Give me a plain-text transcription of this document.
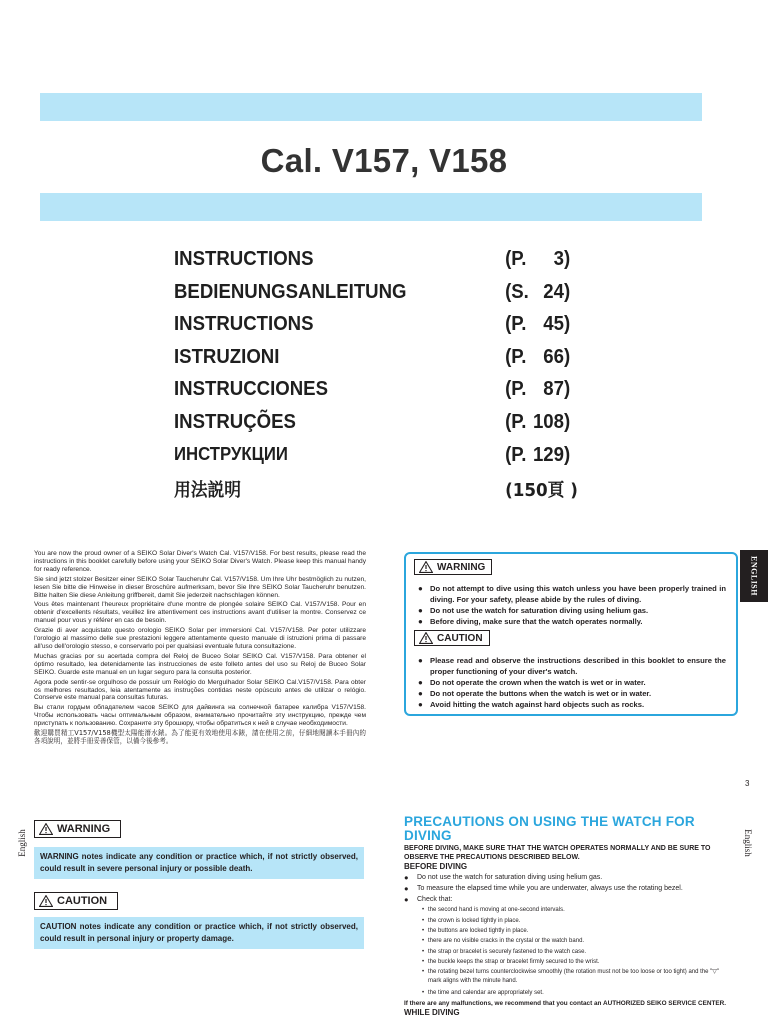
Cal. V157, V158
INSTRUCTIONS	(P. 3)
BEDIENUNGSANLEITUNG	(S. 24)
INSTRUCTIONS	(P. 45)
ISTRUZIONI	(P. 66)
INSTRUCCIONES	(P. 87)
INSTRUÇÕES	(P. 108)
ИНСТРУКЦИИ	(P. 129)
用法説明	(150頁 )

You are now the proud owner of a SEIKO Solar Diver's Watch Cal. V157/V158. For best results, please read the instructions in this booklet carefully before using your SEIKO Solar Diver's Watch. Please keep this manual handy for ready reference.

Sie sind jetzt stolzer Besitzer einer SEIKO Solar Taucheruhr Cal. V157/V158. Um Ihre Uhr bestmöglich zu nutzen, lesen Sie bitte die Hinweise in dieser Broschüre aufmerksam, bevor Sie Ihre SEIKO Solar Taucheruhr benutzen. Bitte halten Sie diese Anleitung griffbereit, damit Sie jederzeit nachschlagen können.

Vous êtes maintenant l'heureux propriétaire d'une montre de plongée solaire SEIKO Cal. V157/V158. Pour en obtenir d'excellents résultats, veuillez lire attentivement ces instructions avant d'utiliser la montre. Conservez ce manuel pour vous y référer en cas de besoin.

Grazie di aver acquistato questo orologio SEIKO Solar per immersioni Cal. V157/V158. Per poter utilizzare l'orologio al massimo delle sue prestazioni leggere attentamente questo manuale di istruzioni prima di passare all'uso dell'orologio stesso, e conservarlo poi per qualsiasi eventuale futura consultazione.

Muchas gracias por su acertada compra del Reloj de Buceo Solar SEIKO Cal. V157/V158. Para obtener el óptimo resultado, lea detenidamente las instrucciones de este folleto antes del uso su Reloj de Buceo Solar SEIKO. Guarde este manual en un lugar seguro para la consulta posterior.

Agora pode sentir-se orgulhoso de possuir um Relógio do Mergulhador Solar SEIKO Cal.V157/V158. Para obter os melhores resultados, leia atentamente as instruções contidas neste opúsculo antes de utilizar o relógio. Conserve este manual para consultas futuras.

Вы стали гордым обладателем часов SEIKO для дайвинга на солнечной батарее калибра V157/V158. Чтобы использовать часы оптимальным образом, внимательно прочитайте эту инструкцию, прежде чем приступать к пользованию. Сохраните эту брошюру, чтобы обратиться к ней в случае необходимости.

歡迎購買精工V157/V158機型太陽能潛水錶。為了能更有效地使用本錶，請在使用之前，仔細地閱讀本手冊內的各項說明，並將手冊妥善保管，以備今後參考。

WARNING
● Do not attempt to dive using this watch unless you have been properly trained in diving. For your safety, please abide by the rules of diving.
● Do not use the watch for saturation diving using helium gas.
● Before diving, make sure that the watch operates normally.
CAUTION
● Please read and observe the instructions described in this booklet to ensure the proper functioning of your diver's watch.
● Do not operate the crown when the watch is wet or in water.
● Do not operate the buttons when the watch is wet or in water.
● Avoid hitting the watch against hard objects such as rocks.
ENGLISH
3
English	English
WARNING
WARNING notes indicate any condition or practice which, if not strictly observed, could result in severe personal injury or possible death.
CAUTION
CAUTION notes indicate any condition or practice which, if not strictly observed, could result in personal injury or property damage.
PRECAUTIONS ON USING THE WATCH FOR DIVING
BEFORE DIVING, MAKE SURE THAT THE WATCH OPERATES NORMALLY AND BE SURE TO OBSERVE THE PRECAUTIONS DESCRIBED BELOW.
BEFORE DIVING
● Do not use the watch for saturation diving using helium gas.
● To measure the elapsed time while you are underwater, always use the rotating bezel.
● Check that:
• the second hand is moving at one-second intervals.
• the crown is locked tightly in place.
• the buttons are locked tightly in place.
• there are no visible cracks in the crystal or the watch band.
• the strap or bracelet is securely fastened to the watch case.
• the buckle keeps the strap or bracelet firmly secured to the wrist.
• the rotating bezel turns counterclockwise smoothly (the rotation must not be too loose or too tight) and the "▽" mark aligns with the minute hand.
• the time and calendar are appropriately set.
If there are any malfunctions, we recommend that you contact an AUTHORIZED SEIKO SERVICE CENTER.
WHILE DIVING
